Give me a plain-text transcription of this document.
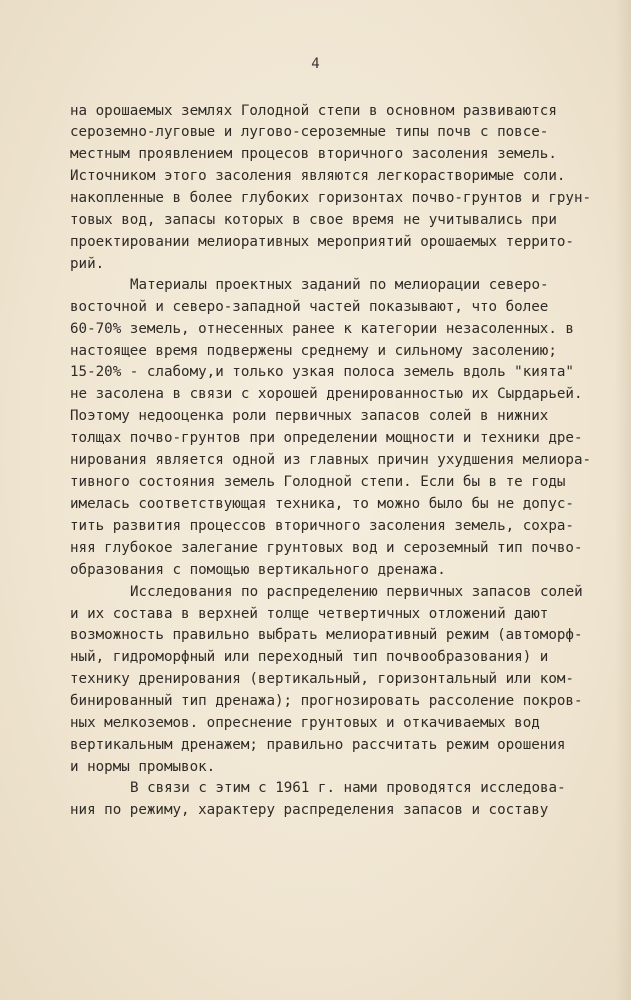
4
на орошаемых землях Голодной степи в основном развиваются
сероземно-луговые и лугово-сероземные типы почв с повсе-
местным проявлением процесов вторичного засоления земель.
Источником этого засоления являются легкорастворимые соли.
накопленные в более глубоких горизонтах почво-грунтов и грун-
товых вод, запасы которых в свое время не учитывались при
проектировании мелиоративных мероприятий орошаемых террито-
рий.
Материалы проектных заданий по мелиорации северо-
восточной и северо-западной частей показывают, что более
60-70% земель, отнесенных ранее к категории незасоленных. в
настоящее время подвержены среднему и сильному засолению;
15-20% - слабому,и только узкая полоса земель вдоль "кията"
не засолена в связи с хорошей дренированностью их Сырдарьей.
Поэтому недооценка роли первичных запасов солей в нижних
толщах почво-грунтов при определении мощности и техники дре-
нирования является одной из главных причин ухудшения мелиора-
тивного состояния земель Голодной степи. Если бы в те годы
имелась соответствующая техника, то можно было бы не допус-
тить развития процессов вторичного засоления земель, сохра-
няя глубокое залегание грунтовых вод и сероземный тип почво-
образования с помощью вертикального дренажа.
Исследования по распределению первичных запасов солей
и их состава в верхней толще четвертичных отложений дают
возможность правильно выбрать мелиоративный режим (автоморф-
ный, гидроморфный или переходный тип почвообразования) и
технику дренирования (вертикальный, горизонтальный или ком-
бинированный тип дренажа); прогнозировать рассоление покров-
ных мелкоземов. опреснение грунтовых и откачиваемых вод
вертикальным дренажем; правильно рассчитать режим орошения
и нормы промывок.
В связи с этим с 1961 г. нами проводятся исследова-
ния по режиму, характеру распределения запасов и составу
